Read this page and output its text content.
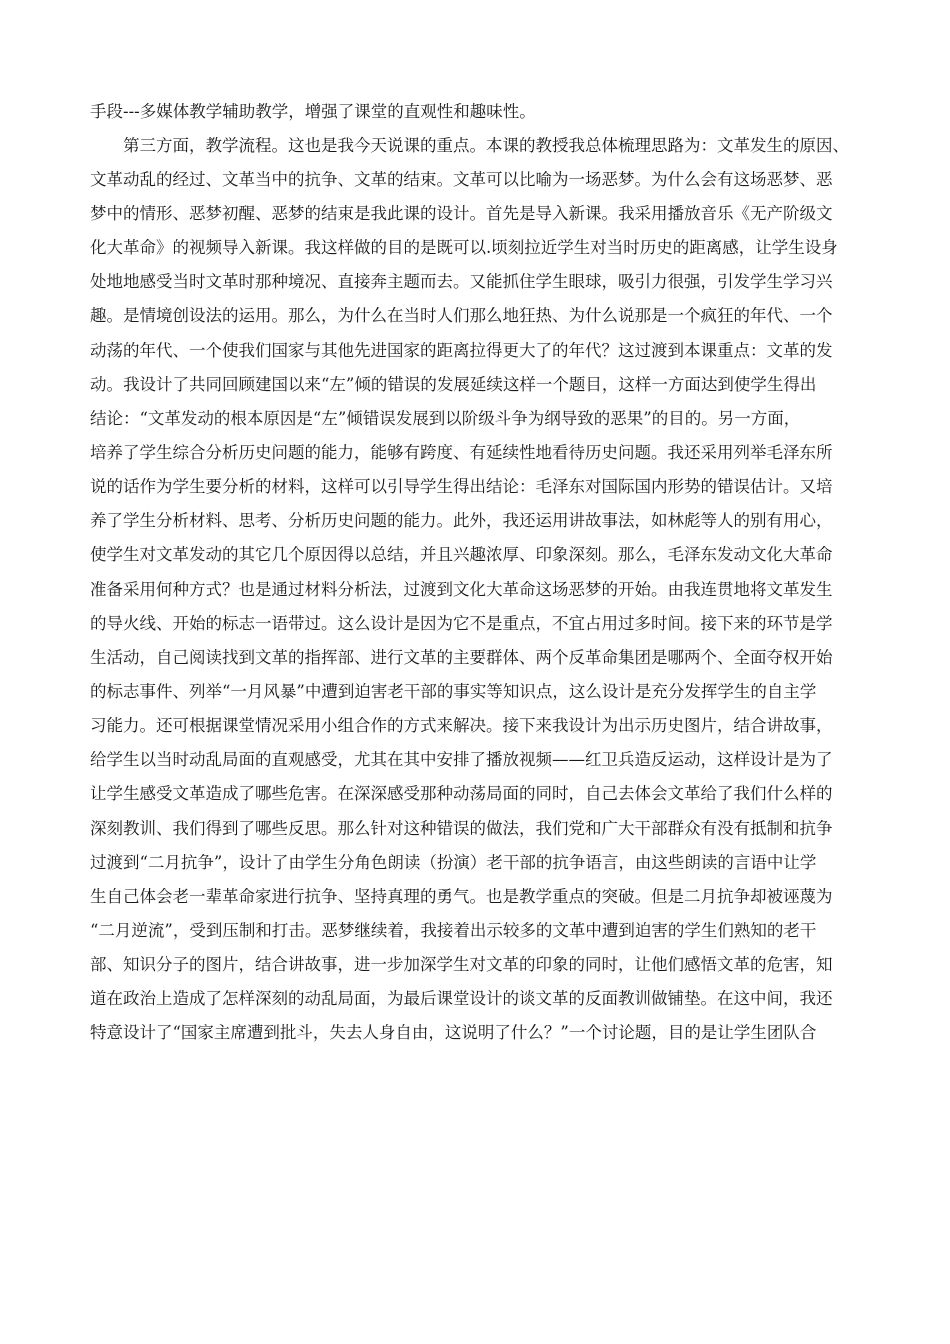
手段---多媒体教学辅助教学，增强了课堂的直观性和趣味性。
第三方面，教学流程。这也是我今天说课的重点。本课的教授我总体梳理思路为：文革发生的原因、
文革动乱的经过、文革当中的抗争、文革的结束。文革可以比喻为一场恶梦。为什么会有这场恶梦、恶
梦中的情形、恶梦初醒、恶梦的结束是我此课的设计。首先是导入新课。我采用播放音乐《无产阶级文
化大革命》的视频导入新课。我这样做的目的是既可以.顷刻拉近学生对当时历史的距离感，让学生设身
处地地感受当时文革时那种境况、直接奔主题而去。又能抓住学生眼球，吸引力很强，引发学生学习兴
趣。是情境创设法的运用。那么，为什么在当时人们那么地狂热、为什么说那是一个疯狂的年代、一个
动荡的年代、一个使我们国家与其他先进国家的距离拉得更大了的年代？这过渡到本课重点：文革的发
动。我设计了共同回顾建国以来“左”倾的错误的发展延续这样一个题目，这样一方面达到使学生得出
结论：“文革发动的根本原因是“左”倾错误发展到以阶级斗争为纲导致的恶果”的目的。另一方面，
培养了学生综合分析历史问题的能力，能够有跨度、有延续性地看待历史问题。我还采用列举毛泽东所
说的话作为学生要分析的材料，这样可以引导学生得出结论：毛泽东对国际国内形势的错误估计。又培
养了学生分析材料、思考、分析历史问题的能力。此外，我还运用讲故事法，如林彪等人的别有用心，
使学生对文革发动的其它几个原因得以总结，并且兴趣浓厚、印象深刻。那么，毛泽东发动文化大革命
准备采用何种方式？也是通过材料分析法，过渡到文化大革命这场恶梦的开始。由我连贯地将文革发生
的导火线、开始的标志一语带过。这么设计是因为它不是重点，不宜占用过多时间。接下来的环节是学
生活动，自己阅读找到文革的指挥部、进行文革的主要群体、两个反革命集团是哪两个、全面夺权开始
的标志事件、列举“一月风暴”中遭到迫害老干部的事实等知识点，这么设计是充分发挥学生的自主学
习能力。还可根据课堂情况采用小组合作的方式来解决。接下来我设计为出示历史图片，结合讲故事，
给学生以当时动乱局面的直观感受，尤其在其中安排了播放视频——红卫兵造反运动，这样设计是为了
让学生感受文革造成了哪些危害。在深深感受那种动荡局面的同时，自己去体会文革给了我们什么样的
深刻教训、我们得到了哪些反思。那么针对这种错误的做法，我们党和广大干部群众有没有抵制和抗争
过渡到“二月抗争”，设计了由学生分角色朗读（扮演）老干部的抗争语言，由这些朗读的言语中让学
生自己体会老一辈革命家进行抗争、坚持真理的勇气。也是教学重点的突破。但是二月抗争却被诬蔑为
“二月逆流”，受到压制和打击。恶梦继续着，我接着出示较多的文革中遭到迫害的学生们熟知的老干
部、知识分子的图片，结合讲故事，进一步加深学生对文革的印象的同时，让他们感悟文革的危害，知
道在政治上造成了怎样深刻的动乱局面，为最后课堂设计的谈文革的反面教训做铺垫。在这中间，我还
特意设计了“国家主席遭到批斗，失去人身自由，这说明了什么？”一个讨论题，目的是让学生团队合
